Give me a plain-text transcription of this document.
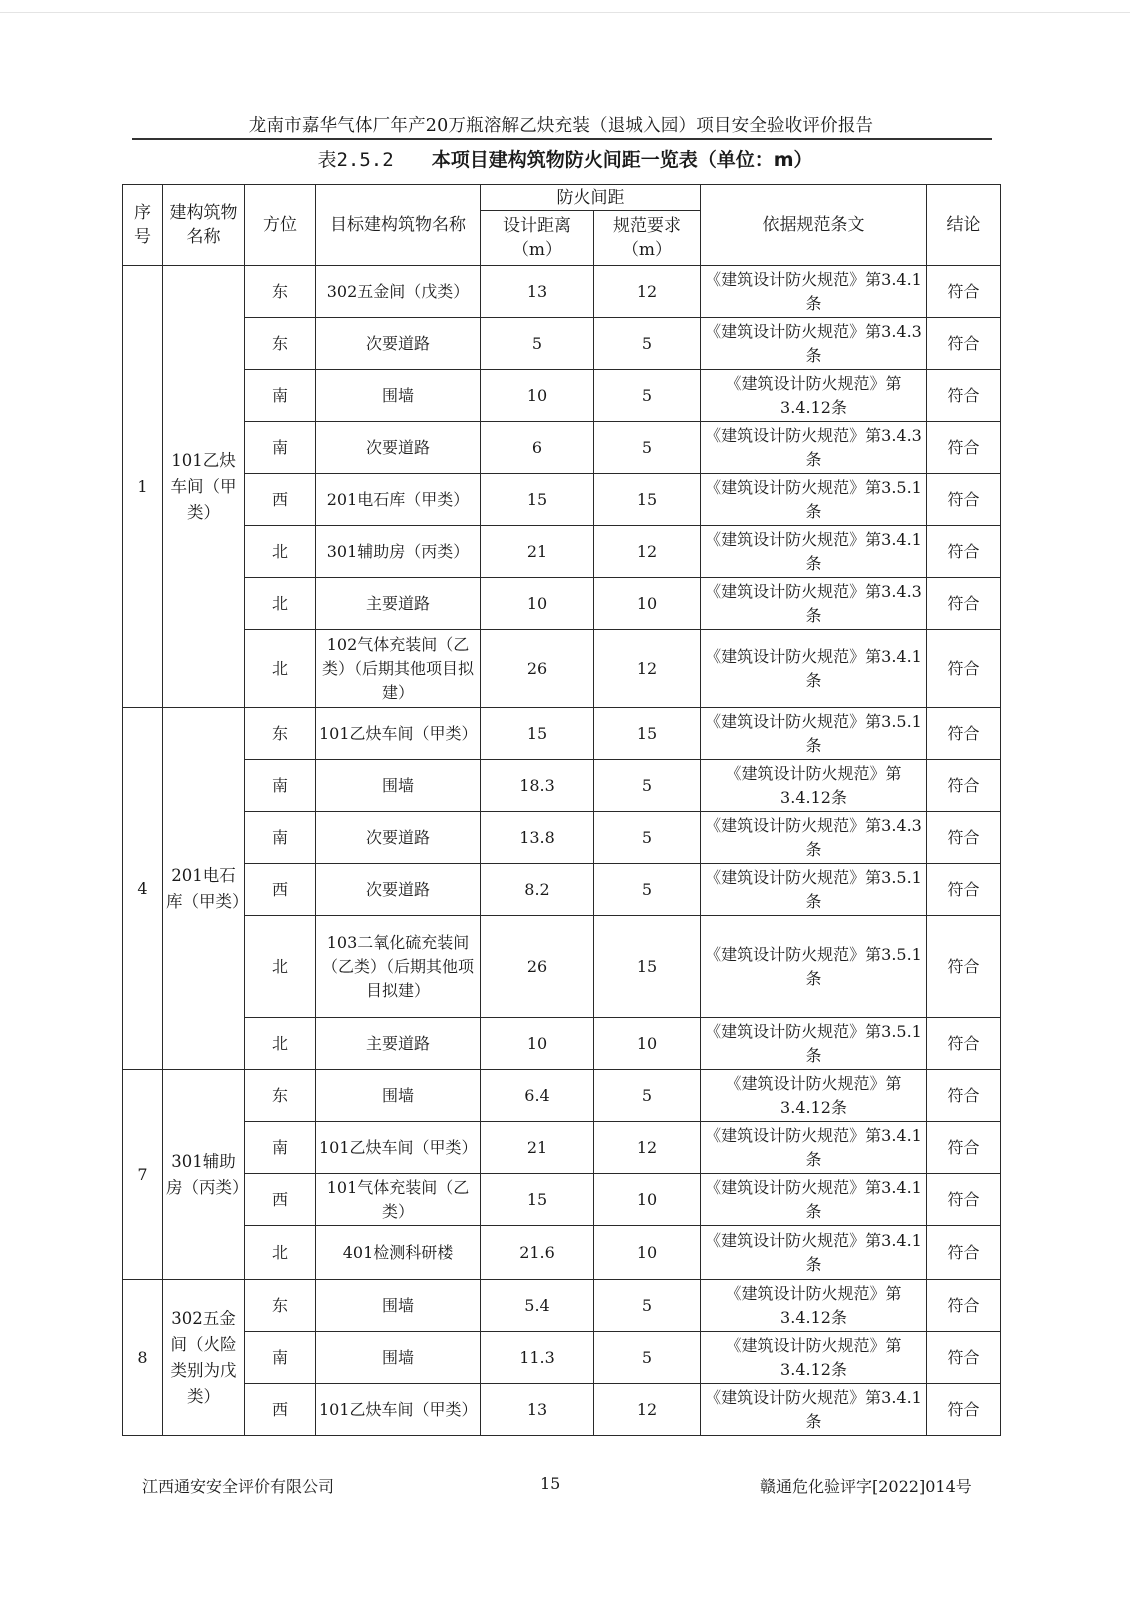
龙南市嘉华气体厂年产20万瓶溶解乙炔充装（退城入园）项目安全验收评价报告
表2.5.2 本项目建构筑物防火间距一览表（单位：m）
序号	建构筑物名称	方位	目标建构筑物名称	防火间距		依据规范条文	结论
				设计距离（m）	规范要求（m）		
1	101乙炔车间（甲类）	东	302五金间（戊类）	13	12	《建筑设计防火规范》第3.4.1条	符合
		东	次要道路	5	5	《建筑设计防火规范》第3.4.3条	符合
		南	围墙	10	5	《建筑设计防火规范》第3.4.12条	符合
		南	次要道路	6	5	《建筑设计防火规范》第3.4.3条	符合
		西	201电石库（甲类）	15	15	《建筑设计防火规范》第3.5.1条	符合
		北	301辅助房（丙类）	21	12	《建筑设计防火规范》第3.4.1条	符合
		北	主要道路	10	10	《建筑设计防火规范》第3.4.3条	符合
		北	102气体充装间（乙类）（后期其他项目拟建）	26	12	《建筑设计防火规范》第3.4.1条	符合
4	201电石库（甲类）	东	101乙炔车间（甲类）	15	15	《建筑设计防火规范》第3.5.1条	符合
		南	围墙	18.3	5	《建筑设计防火规范》第3.4.12条	符合
		南	次要道路	13.8	5	《建筑设计防火规范》第3.4.3条	符合
		西	次要道路	8.2	5	《建筑设计防火规范》第3.5.1条	符合
		北	103二氧化硫充装间（乙类）（后期其他项目拟建）	26	15	《建筑设计防火规范》第3.5.1条	符合
		北	主要道路	10	10	《建筑设计防火规范》第3.5.1条	符合
7	301辅助房（丙类）	东	围墙	6.4	5	《建筑设计防火规范》第3.4.12条	符合
		南	101乙炔车间（甲类）	21	12	《建筑设计防火规范》第3.4.1条	符合
		西	101气体充装间（乙类）	15	10	《建筑设计防火规范》第3.4.1条	符合
		北	401检测科研楼	21.6	10	《建筑设计防火规范》第3.4.1条	符合
8	302五金间（火险类别为戊类）	东	围墙	5.4	5	《建筑设计防火规范》第3.4.12条	符合
		南	围墙	11.3	5	《建筑设计防火规范》第3.4.12条	符合
		西	101乙炔车间（甲类）	13	12	《建筑设计防火规范》第3.4.1条	符合
江西通安安全评价有限公司	15	赣通危化验评字[2022]014号
